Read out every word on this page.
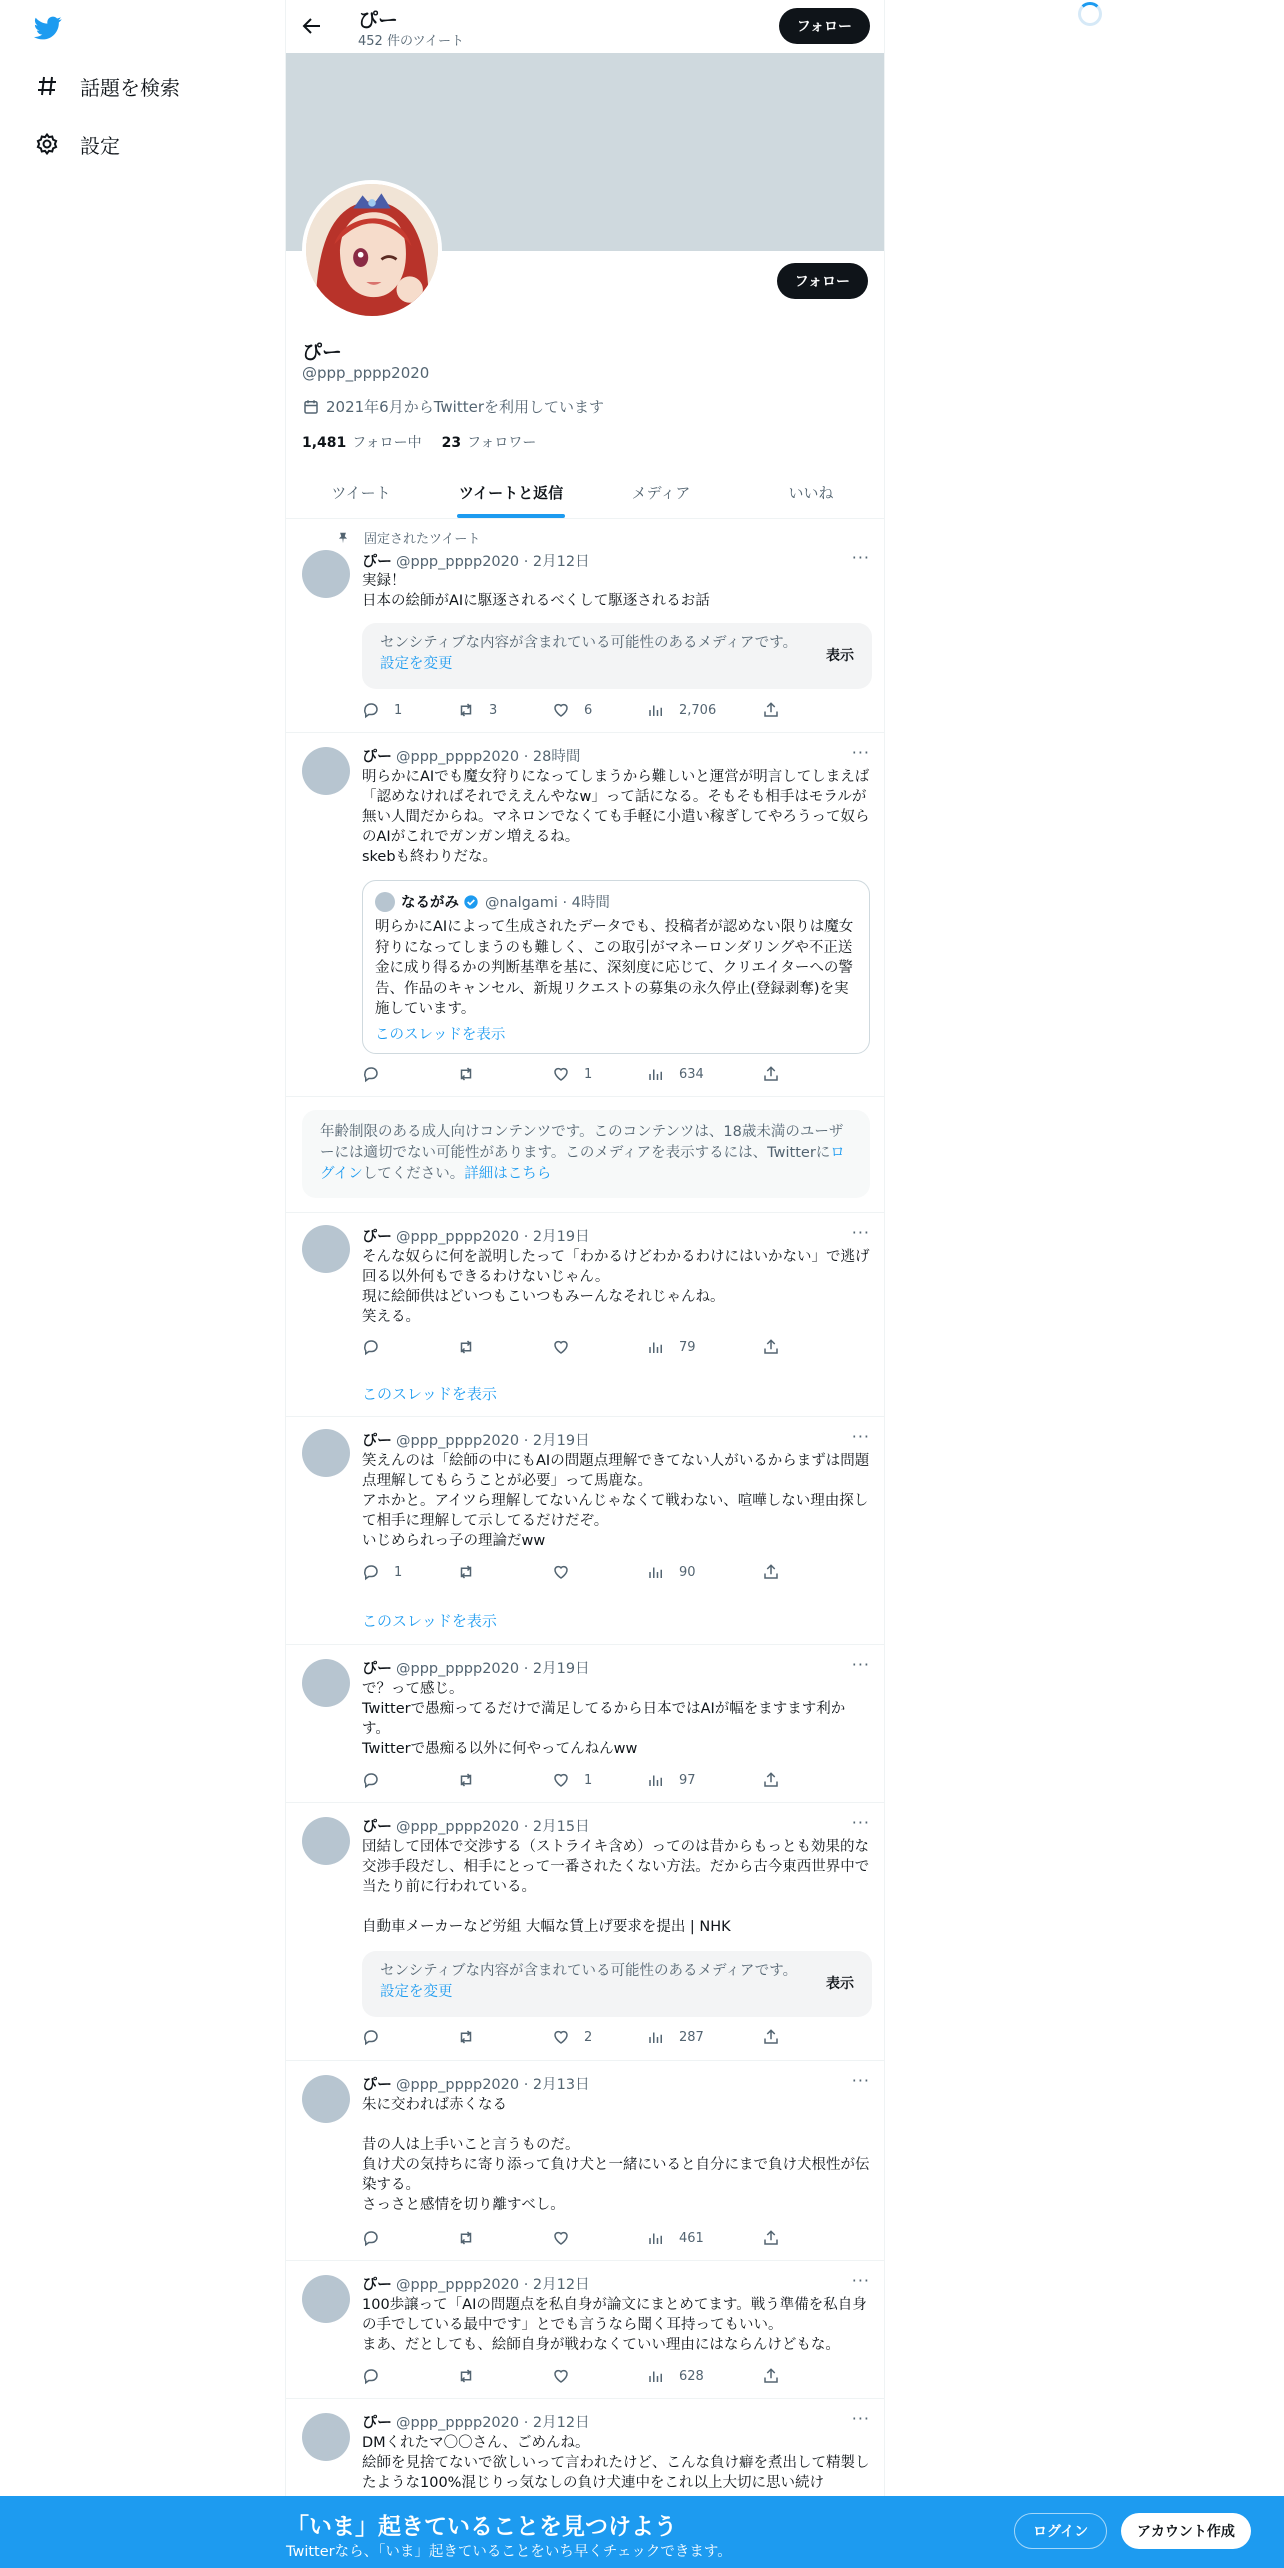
話題を検索
設定
ぴー
452 件のツイート
フォロー
フォロー
ぴー
@ppp_pppp2020
2021年6月からTwitterを利用しています
1,481 フォロー中 23 フォロワー
ツイート	ツイートと返信	メディア	いいね
固定されたツイート
ぴー @ppp_pppp2020 · 2月12日	···
実録！
日本の絵師がAIに駆逐されるべくして駆逐されるお話
センシティブな内容が含まれている可能性のあるメディアです。設定を変更	表示
1	3	6	2,706
ぴー @ppp_pppp2020 · 28時間	···
明らかにAIでも魔女狩りになってしまうから難しいと運営が明言してしまえば「認めなければそれでええんやなw」って話になる。そもそも相手はモラルが無い人間だからね。マネロンでなくても手軽に小遣い稼ぎしてやろうって奴らのAIがこれでガンガン増えるね。
skebも終わりだな。
なるがみ @nalgami · 4時間
明らかにAIによって生成されたデータでも、投稿者が認めない限りは魔女狩りになってしまうのも難しく、この取引がマネーロンダリングや不正送金に成り得るかの判断基準を基に、深刻度に応じて、クリエイターへの警告、作品のキャンセル、新規リクエストの募集の永久停止(登録剥奪)を実施しています。
このスレッドを表示
1	634
年齢制限のある成人向けコンテンツです。このコンテンツは、18歳未満のユーザーには適切でない可能性があります。このメディアを表示するには、Twitterにログインしてください。詳細はこちら
ぴー @ppp_pppp2020 · 2月19日	···
そんな奴らに何を説明したって「わかるけどわかるわけにはいかない」で逃げ回る以外何もできるわけないじゃん。
現に絵師供はどいつもこいつもみーんなそれじゃんね。
笑える。
79
このスレッドを表示
ぴー @ppp_pppp2020 · 2月19日	···
笑えんのは「絵師の中にもAIの問題点理解できてない人がいるからまずは問題点理解してもらうことが必要」って馬鹿な。
アホかと。アイツら理解してないんじゃなくて戦わない、喧嘩しない理由探して相手に理解して示してるだけだぞ。
いじめられっ子の理論だww
1	90
このスレッドを表示
ぴー @ppp_pppp2020 · 2月19日	···
で？って感じ。
Twitterで愚痴ってるだけで満足してるから日本ではAIが幅をますます利かす。
Twitterで愚痴る以外に何やってんねんww
1	97
ぴー @ppp_pppp2020 · 2月15日	···
団結して団体で交渉する（ストライキ含め）ってのは昔からもっとも効果的な交渉手段だし、相手にとって一番されたくない方法。だから古今東西世界中で当たり前に行われている。

自動車メーカーなど労組 大幅な賃上げ要求を提出 | NHK
センシティブな内容が含まれている可能性のあるメディアです。設定を変更	表示
2	287
ぴー @ppp_pppp2020 · 2月13日	···
朱に交われば赤くなる

昔の人は上手いこと言うものだ。
負け犬の気持ちに寄り添って負け犬と一緒にいると自分にまで負け犬根性が伝染する。
さっさと感情を切り離すべし。
461
ぴー @ppp_pppp2020 · 2月12日	···
100歩譲って「AIの問題点を私自身が論文にまとめてます。戦う準備を私自身の手でしている最中です」とでも言うなら聞く耳持ってもいい。
まあ、だとしても、絵師自身が戦わなくていい理由にはならんけどもな。
628
ぴー @ppp_pppp2020 · 2月12日	···
DMくれたマ〇〇さん、ごめんね。
絵師を見捨てないで欲しいって言われたけど、こんな負け癖を煮出して精製したような100%混じりっ気なしの負け犬連中をこれ以上大切に思い続け
「いま」起きていることを見つけよう
Twitterなら、「いま」起きていることをいち早くチェックできます。
ログイン	アカウント作成
